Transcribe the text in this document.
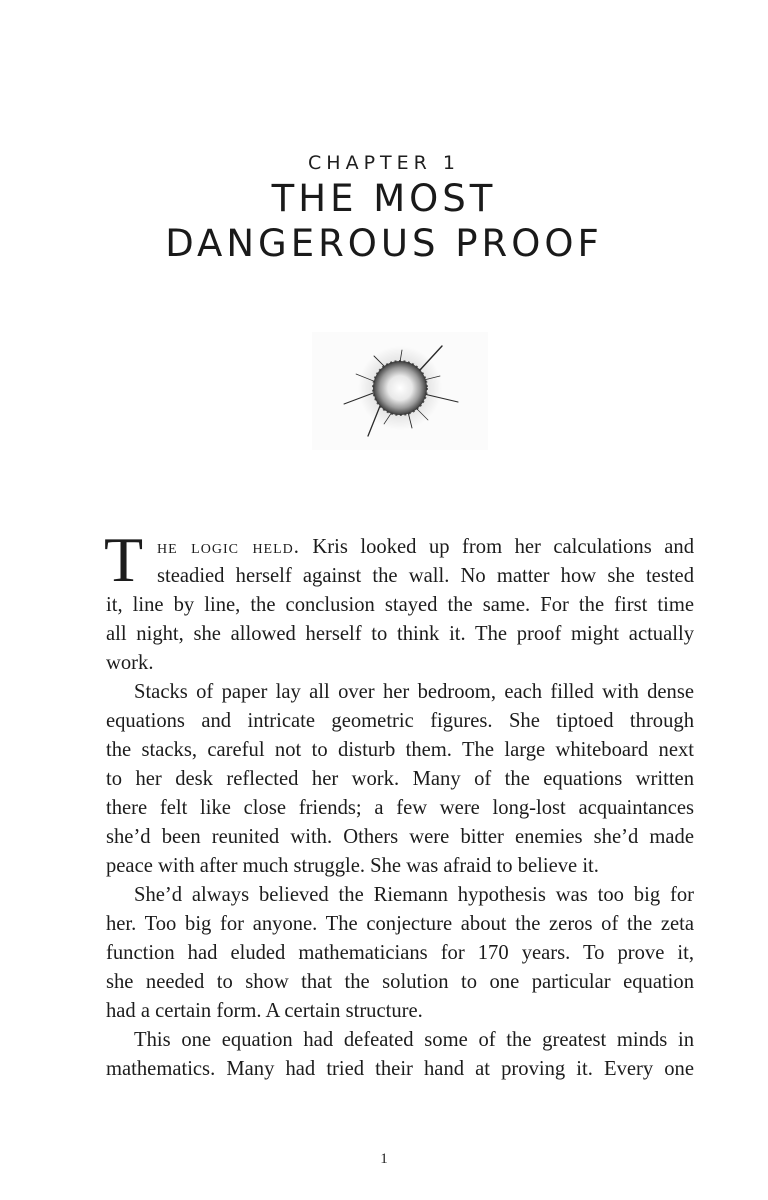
CHAPTER 1
THE MOST
DANGEROUS PROOF
T he logic held. Kris looked up from her calculations and
steadied herself against the wall. No matter how she tested
it, line by line, the conclusion stayed the same. For the first time
all night, she allowed herself to think it. The proof might actually
work.
Stacks of paper lay all over her bedroom, each filled with dense
equations and intricate geometric figures. She tiptoed through
the stacks, careful not to disturb them. The large whiteboard next
to her desk reflected her work. Many of the equations written
there felt like close friends; a few were long-lost acquaintances
she’d been reunited with. Others were bitter enemies she’d made
peace with after much struggle. She was afraid to believe it.
She’d always believed the Riemann hypothesis was too big for
her. Too big for anyone. The conjecture about the zeros of the zeta
function had eluded mathematicians for 170 years. To prove it,
she needed to show that the solution to one particular equation
had a certain form. A certain structure.
This one equation had defeated some of the greatest minds in
mathematics. Many had tried their hand at proving it. Every one
1
